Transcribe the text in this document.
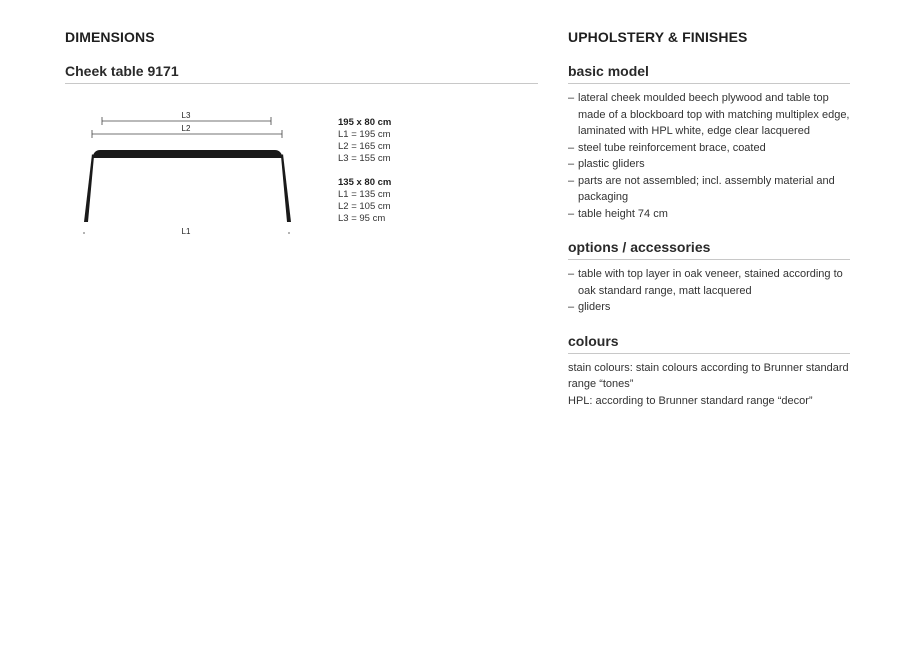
DIMENSIONS
Cheek table 9171
L3
L2
L1
195 x 80 cm
L1 = 195 cm
L2 = 165 cm
L3 = 155 cm
135 x 80 cm
L1 = 135 cm
L2 = 105 cm
L3 = 95 cm
UPHOLSTERY & FINISHES
basic model
– lateral cheek moulded beech plywood and table top made of a blockboard top with matching multiplex edge, laminated with HPL white, edge clear lacquered
– steel tube reinforcement brace, coated
– plastic gliders
– parts are not assembled; incl. assembly material and packaging
– table height 74 cm
options / accessories
– table with top layer in oak veneer, stained according to oak standard range, matt lacquered
– gliders
colours
stain colours: stain colours according to Brunner standard range “tones”
HPL: according to Brunner standard range “decor”
